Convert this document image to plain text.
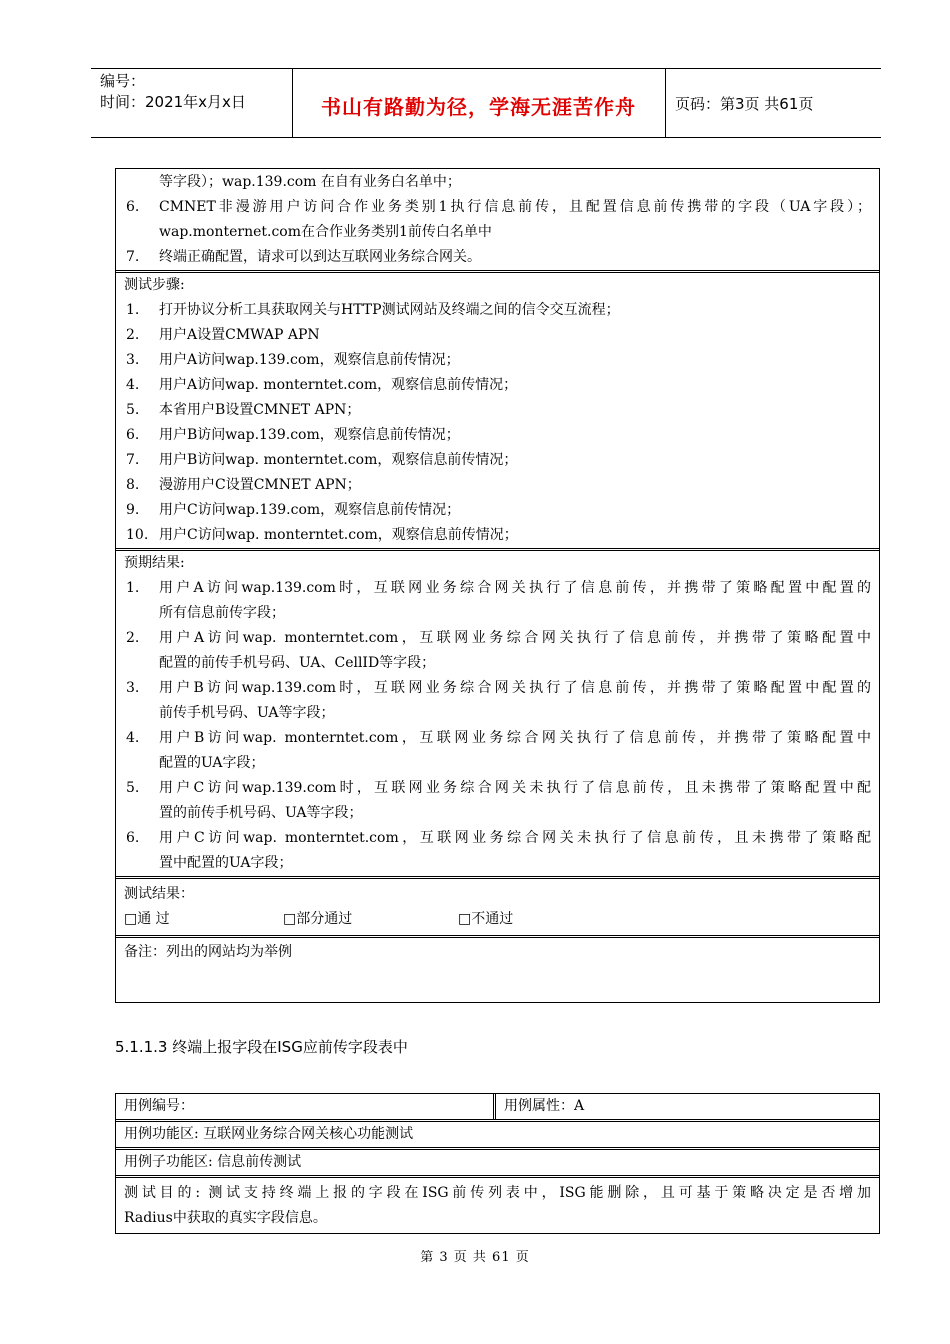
编号：
时间：2021年x月x日	书山有路勤为径，学海无涯苦作舟	页码：第3页 共61页
等字段）；wap.139.com 在自有业务白名单中；
6. CMNET非漫游用户访问合作业务类别1执行信息前传，且配置信息前传携带的字段（UA字段）；
wap.monternet.com在合作业务类别1前传白名单中
7. 终端正确配置，请求可以到达互联网业务综合网关。
测试步骤:
1. 打开协议分析工具获取网关与HTTP测试网站及终端之间的信令交互流程；
2. 用户A设置CMWAP APN
3. 用户A访问wap.139.com，观察信息前传情况；
4. 用户A访问wap. monterntet.com，观察信息前传情况；
5. 本省用户B设置CMNET APN；
6. 用户B访问wap.139.com，观察信息前传情况；
7. 用户B访问wap. monterntet.com，观察信息前传情况；
8. 漫游用户C设置CMNET APN；
9. 用户C访问wap.139.com，观察信息前传情况；
10. 用户C访问wap. monterntet.com，观察信息前传情况；
预期结果:
1. 用户A访问wap.139.com时，互联网业务综合网关执行了信息前传，并携带了策略配置中配置的
所有信息前传字段；
2. 用户A访问wap. monterntet.com，互联网业务综合网关执行了信息前传，并携带了策略配置中
配置的前传手机号码、UA、CellID等字段；
3. 用户B访问wap.139.com时，互联网业务综合网关执行了信息前传，并携带了策略配置中配置的
前传手机号码、UA等字段；
4. 用户B访问wap. monterntet.com，互联网业务综合网关执行了信息前传，并携带了策略配置中
配置的UA字段；
5. 用户C访问wap.139.com时，互联网业务综合网关未执行了信息前传，且未携带了策略配置中配
置的前传手机号码、UA等字段；
6. 用户C访问wap. monterntet.com，互联网业务综合网关未执行了信息前传，且未携带了策略配
置中配置的UA字段；
测试结果：
□通 过	□部分通过	□不通过
备注：列出的网站均为举例
5.1.1.3 终端上报字段在ISG应前传字段表中
用例编号：	用例属性：A
用例功能区: 互联网业务综合网关核心功能测试
用例子功能区: 信息前传测试
测试目的: 测试支持终端上报的字段在ISG前传列表中，ISG能删除，且可基于策略决定是否增加
Radius中获取的真实字段信息。
第 3 页 共 61 页
